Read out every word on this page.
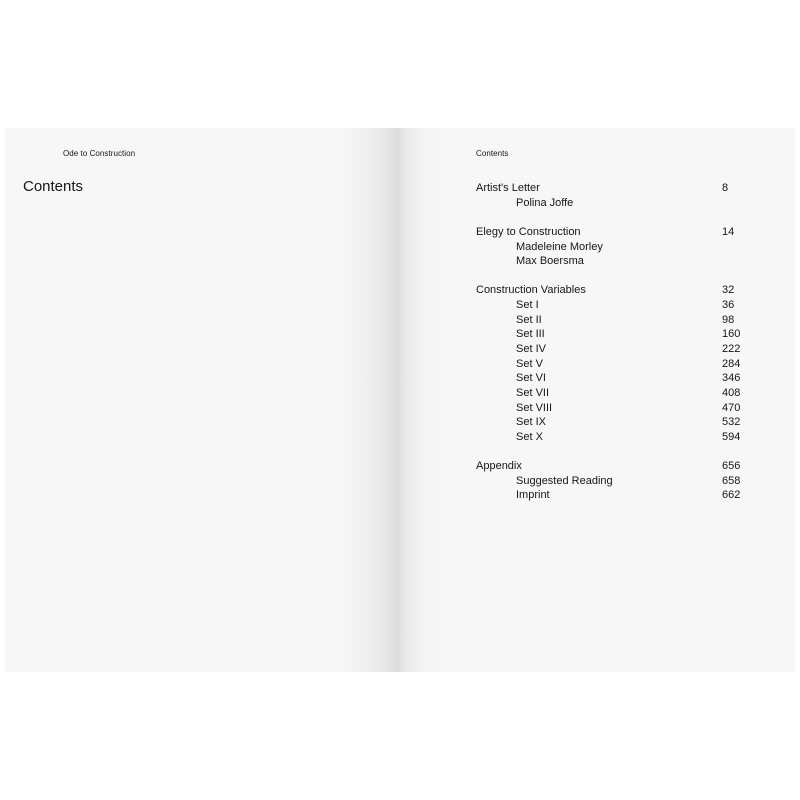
Ode to Construction
Contents
Contents
Artist's Letter	8
Polina Joffe
Elegy to Construction	14
Madeleine Morley
Max Boersma
Construction Variables	32
Set I	36
Set II	98
Set III	160
Set IV	222
Set V	284
Set VI	346
Set VII	408
Set VIII	470
Set IX	532
Set X	594
Appendix	656
Suggested Reading	658
Imprint	662
